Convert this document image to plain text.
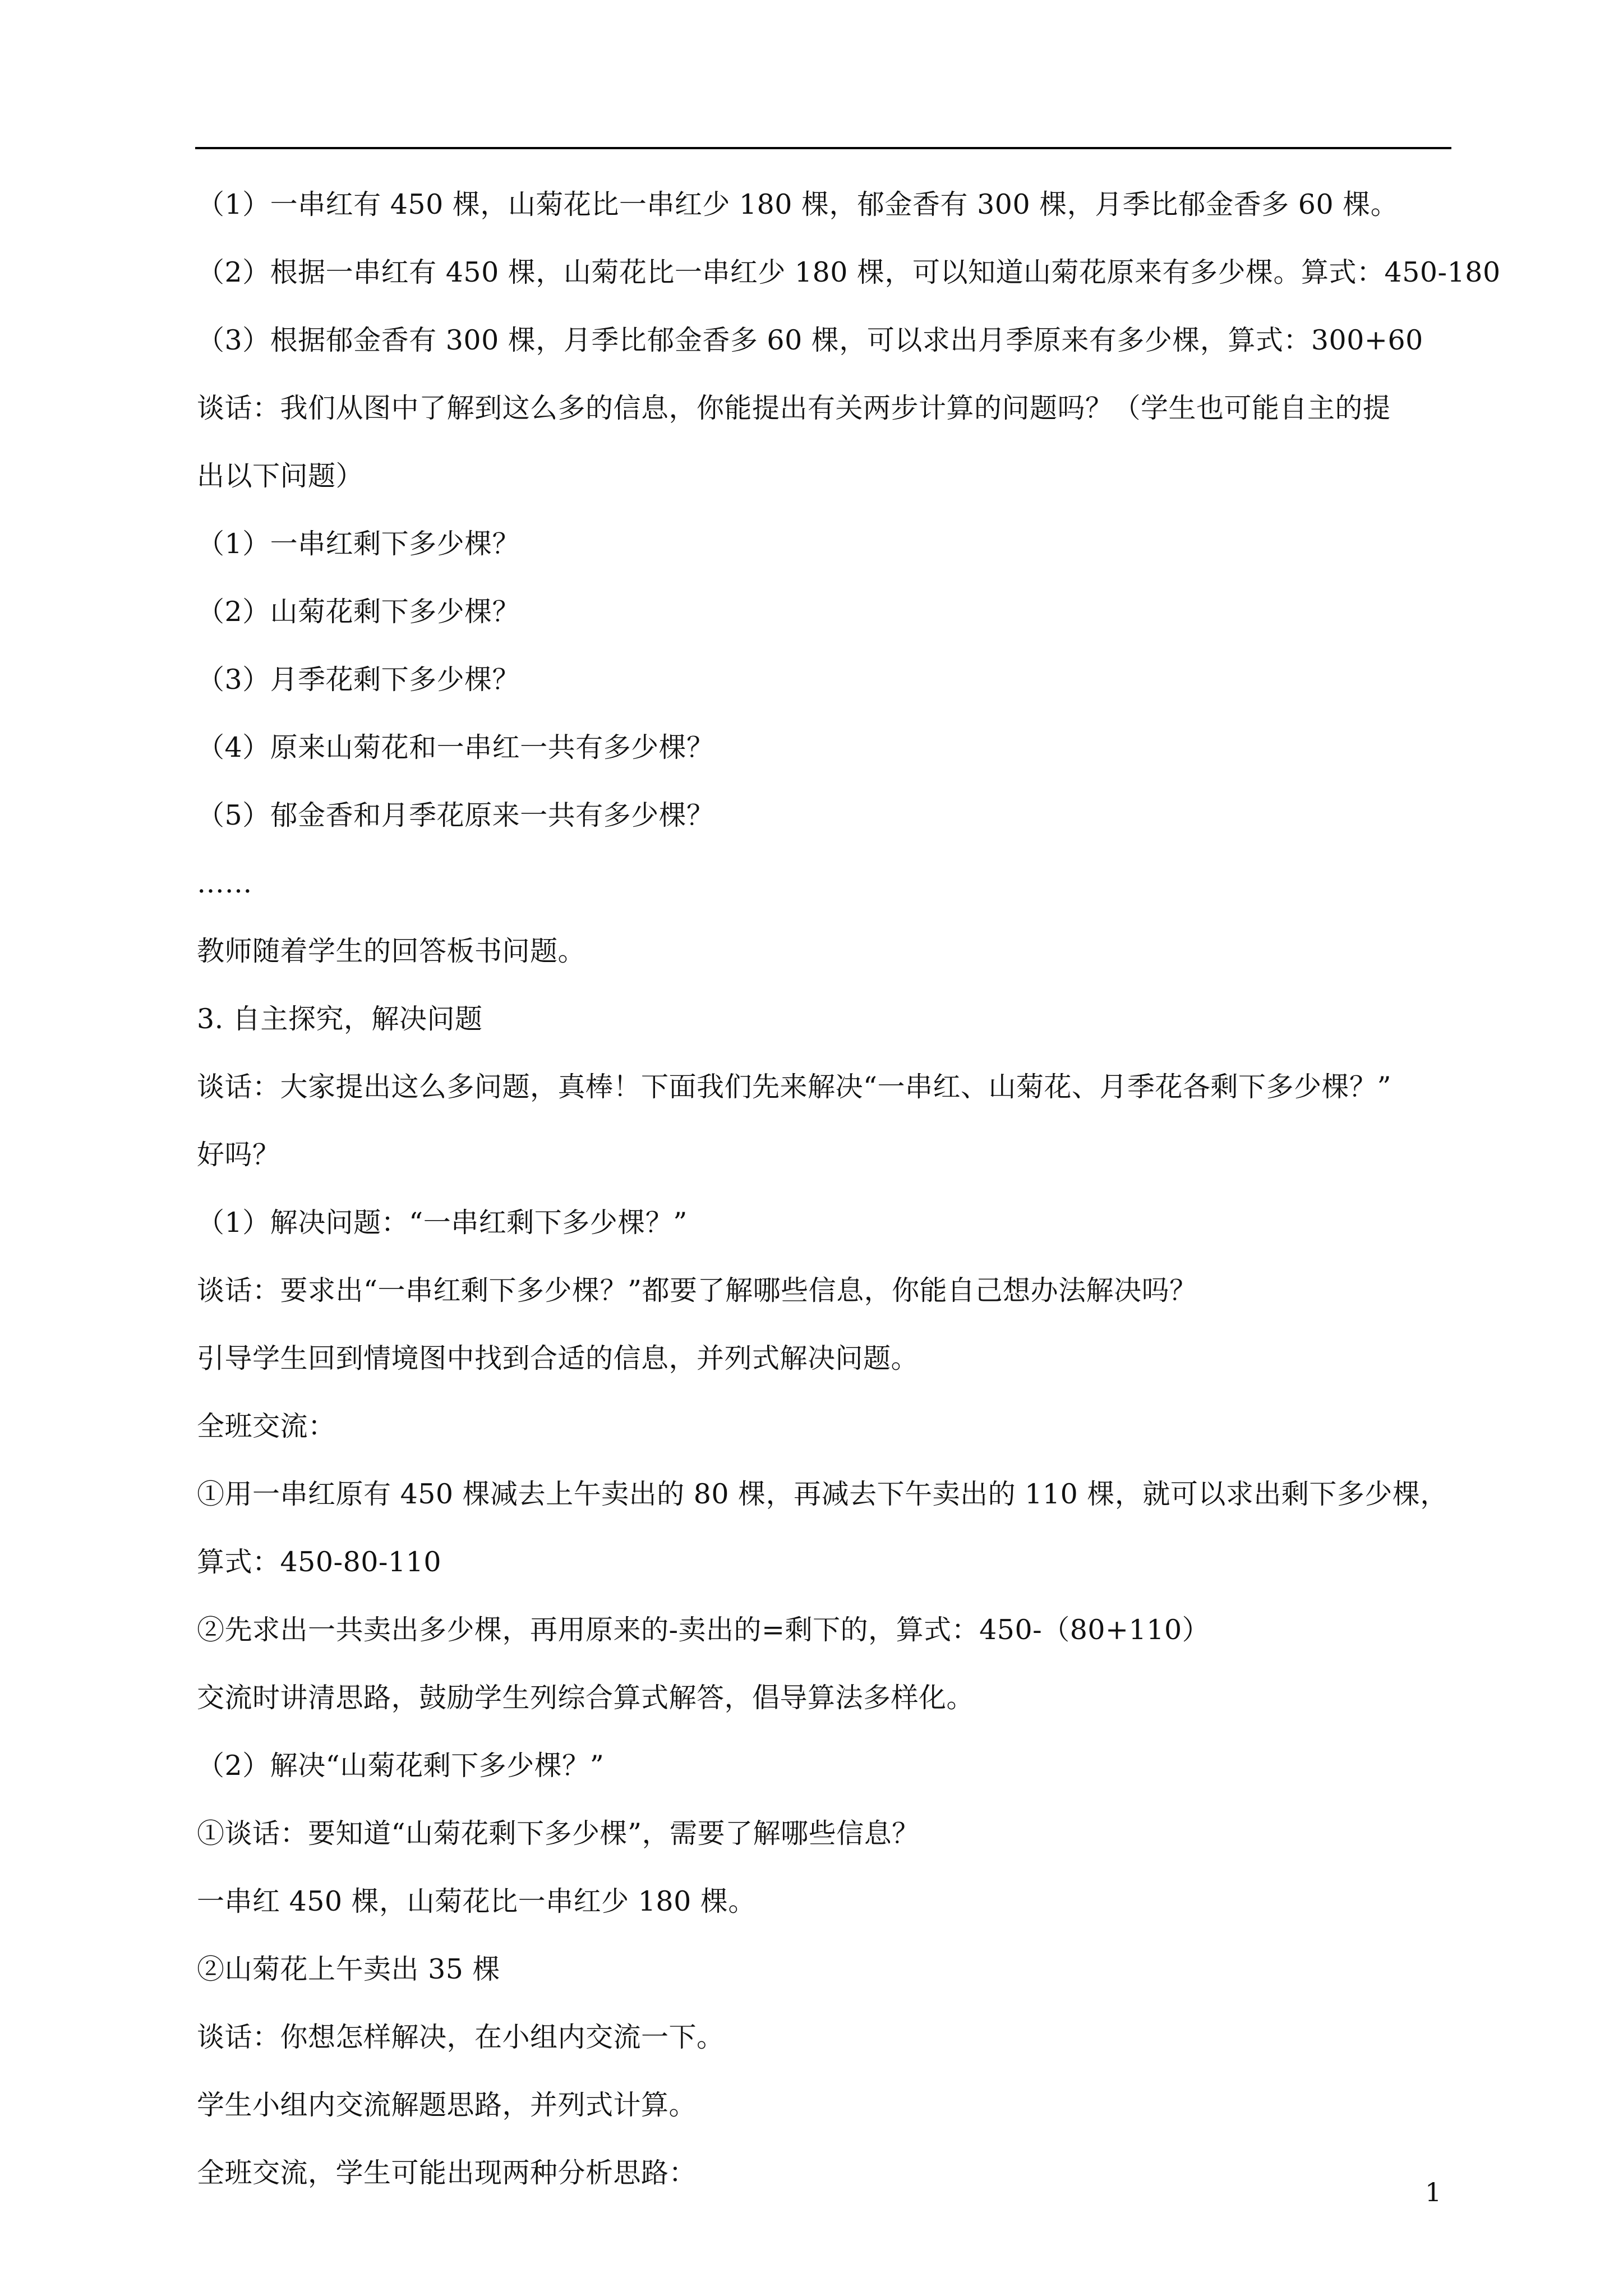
（1）一串红有 450 棵，山菊花比一串红少 180 棵，郁金香有 300 棵，月季比郁金香多 60 棵。
（2）根据一串红有 450 棵，山菊花比一串红少 180 棵，可以知道山菊花原来有多少棵。算式：450-180
（3）根据郁金香有 300 棵，月季比郁金香多 60 棵，可以求出月季原来有多少棵，算式：300+60
谈话：我们从图中了解到这么多的信息，你能提出有关两步计算的问题吗？（学生也可能自主的提
出以下问题）
（1）一串红剩下多少棵？
（2）山菊花剩下多少棵？
（3）月季花剩下多少棵？
（4）原来山菊花和一串红一共有多少棵？
（5）郁金香和月季花原来一共有多少棵？
……
教师随着学生的回答板书问题。
3. 自主探究，解决问题
谈话：大家提出这么多问题，真棒！下面我们先来解决“一串红、山菊花、月季花各剩下多少棵？”
好吗？
（1）解决问题：“一串红剩下多少棵？”
谈话：要求出“一串红剩下多少棵？”都要了解哪些信息，你能自己想办法解决吗？
引导学生回到情境图中找到合适的信息，并列式解决问题。
全班交流：
①用一串红原有 450 棵减去上午卖出的 80 棵，再减去下午卖出的 110 棵，就可以求出剩下多少棵，
算式：450-80-110
②先求出一共卖出多少棵，再用原来的-卖出的=剩下的，算式：450-（80+110）
交流时讲清思路，鼓励学生列综合算式解答，倡导算法多样化。
（2）解决“山菊花剩下多少棵？”
①谈话：要知道“山菊花剩下多少棵”，需要了解哪些信息？
一串红 450 棵，山菊花比一串红少 180 棵。
②山菊花上午卖出 35 棵
谈话：你想怎样解决，在小组内交流一下。
学生小组内交流解题思路，并列式计算。
全班交流，学生可能出现两种分析思路：
1
